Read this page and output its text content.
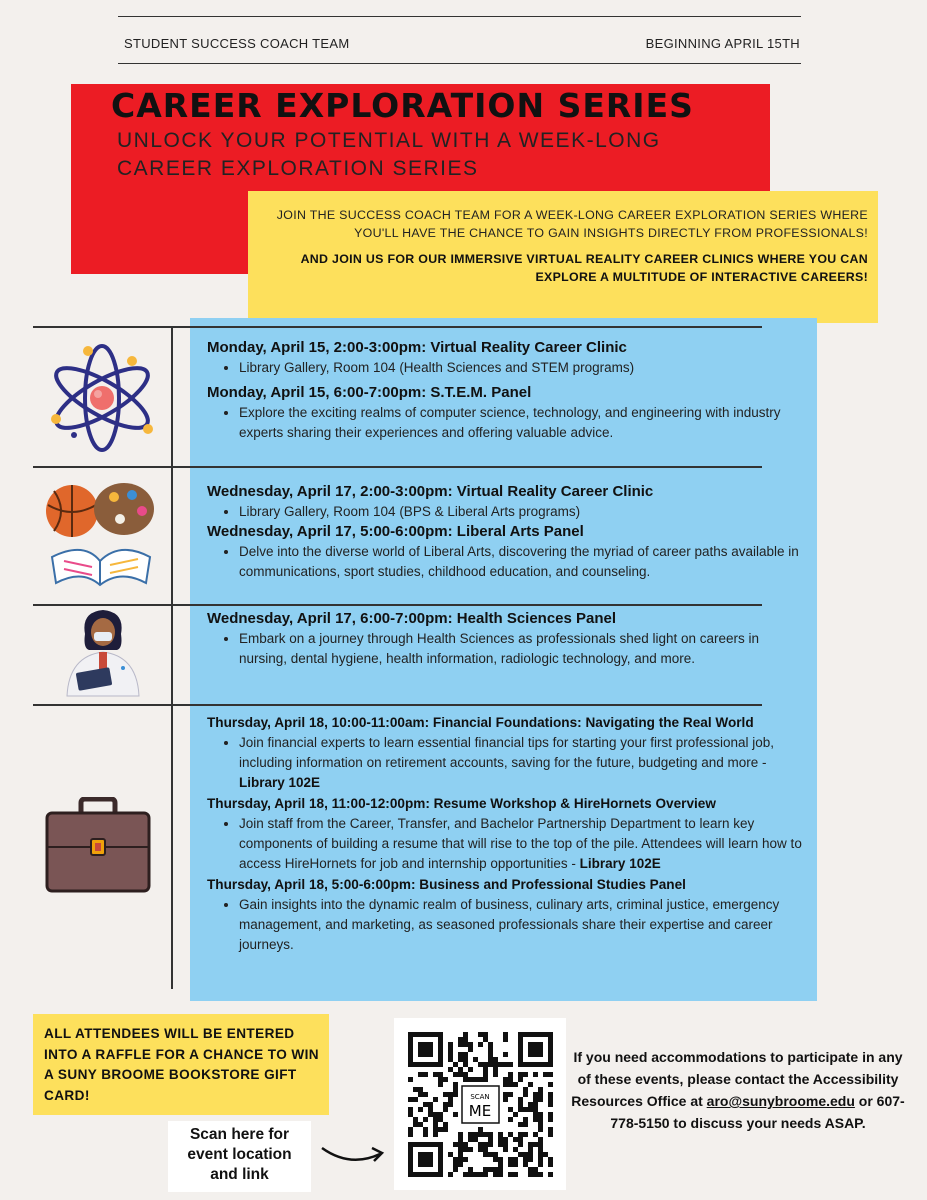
STUDENT SUCCESS COACH TEAM	BEGINNING APRIL 15TH
CAREER EXPLORATION SERIES
UNLOCK YOUR POTENTIAL WITH A WEEK-LONG
CAREER EXPLORATION SERIES

JOIN THE SUCCESS COACH TEAM FOR A WEEK-LONG CAREER EXPLORATION SERIES WHERE YOU'LL HAVE THE CHANCE TO GAIN INSIGHTS DIRECTLY FROM PROFESSIONALS!

AND JOIN US FOR OUR IMMERSIVE VIRTUAL REALITY CAREER CLINICS WHERE YOU CAN EXPLORE A MULTITUDE OF INTERACTIVE CAREERS!

Monday, April 15, 2:00-3:00pm: Virtual Reality Career Clinic
• Library Gallery, Room 104 (Health Sciences and STEM programs)
Monday, April 15, 6:00-7:00pm: S.T.E.M. Panel
• Explore the exciting realms of computer science, technology, and engineering with industry experts sharing their experiences and offering valuable advice.
Wednesday, April 17, 2:00-3:00pm: Virtual Reality Career Clinic
• Library Gallery, Room 104 (BPS & Liberal Arts programs)
Wednesday, April 17, 5:00-6:00pm: Liberal Arts Panel
• Delve into the diverse world of Liberal Arts, discovering the myriad of career paths available in communications, sport studies, childhood education, and counseling.
Wednesday, April 17, 6:00-7:00pm: Health Sciences Panel
• Embark on a journey through Health Sciences as professionals shed light on careers in nursing, dental hygiene, health information, radiologic technology, and more.
Thursday, April 18, 10:00-11:00am: Financial Foundations: Navigating the Real World
• Join financial experts to learn essential financial tips for starting your first professional job, including information on retirement accounts, saving for the future, budgeting and more - Library 102E
Thursday, April 18, 11:00-12:00pm: Resume Workshop & HireHornets Overview
• Join staff from the Career, Transfer, and Bachelor Partnership Department to learn key components of building a resume that will rise to the top of the pile. Attendees will learn how to access HireHornets for job and internship opportunities - Library 102E
Thursday, April 18, 5:00-6:00pm: Business and Professional Studies Panel
• Gain insights into the dynamic realm of business, culinary arts, criminal justice, emergency management, and marketing, as seasoned professionals share their expertise and career journeys.
ALL ATTENDEES WILL BE ENTERED INTO A RAFFLE FOR A CHANCE TO WIN A SUNY BROOME BOOKSTORE GIFT CARD!
Scan here for
event location
and link
SCAN
ME
If you need accommodations to participate in any of these events, please contact the Accessibility Resources Office at aro@sunybroome.edu or 607-778-5150 to discuss your needs ASAP.
